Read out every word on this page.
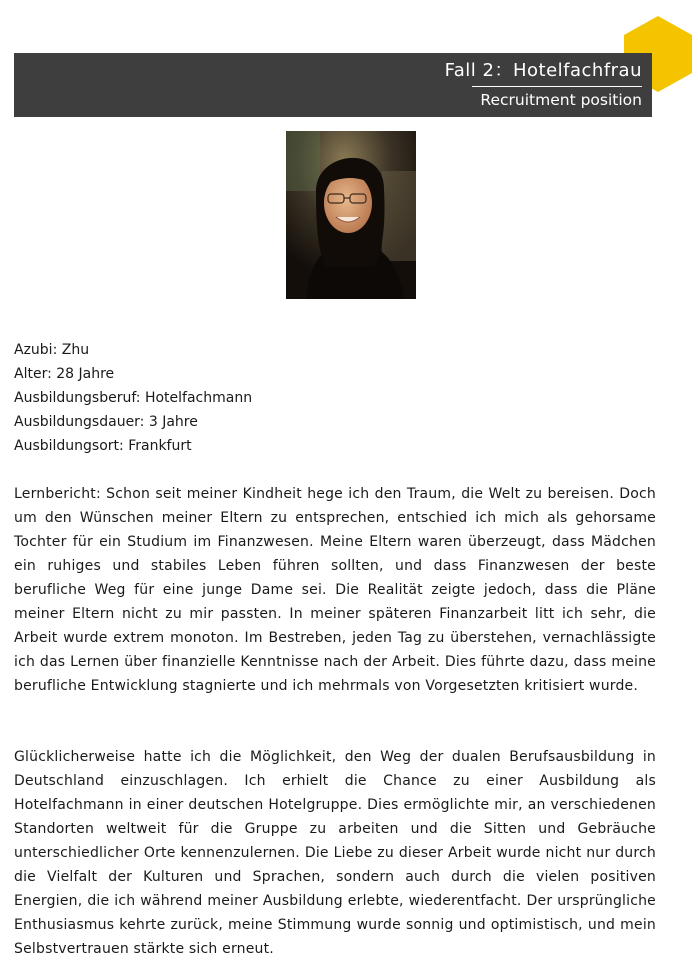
Fall 2：Hotelfachfrau
Recruitment position
Azubi: Zhu
Alter: 28 Jahre
Ausbildungsberuf: Hotelfachmann
Ausbildungsdauer: 3 Jahre
Ausbildungsort: Frankfurt

Lernbericht: Schon seit meiner Kindheit hege ich den Traum, die Welt zu bereisen. Doch um den Wünschen meiner Eltern zu entsprechen, entschied ich mich als gehorsame Tochter für ein Studium im Finanzwesen. Meine Eltern waren überzeugt, dass Mädchen ein ruhiges und stabiles Leben führen sollten, und dass Finanzwesen der beste berufliche Weg für eine junge Dame sei. Die Realität zeigte jedoch, dass die Pläne meiner Eltern nicht zu mir passten. In meiner späteren Finanzarbeit litt ich sehr, die Arbeit wurde extrem monoton. Im Bestreben, jeden Tag zu überstehen, vernachlässigte ich das Lernen über finanzielle Kenntnisse nach der Arbeit. Dies führte dazu, dass meine berufliche Entwicklung stagnierte und ich mehrmals von Vorgesetzten kritisiert wurde.

Glücklicherweise hatte ich die Möglichkeit, den Weg der dualen Berufsausbildung in Deutschland einzuschlagen. Ich erhielt die Chance zu einer Ausbildung als Hotelfachmann in einer deutschen Hotelgruppe. Dies ermöglichte mir, an verschiedenen Standorten weltweit für die Gruppe zu arbeiten und die Sitten und Gebräuche unterschiedlicher Orte kennenzulernen. Die Liebe zu dieser Arbeit wurde nicht nur durch die Vielfalt der Kulturen und Sprachen, sondern auch durch die vielen positiven Energien, die ich während meiner Ausbildung erlebte, wiederentfacht. Der ursprüngliche Enthusiasmus kehrte zurück, meine Stimmung wurde sonnig und optimistisch, und mein Selbstvertrauen stärkte sich erneut.
